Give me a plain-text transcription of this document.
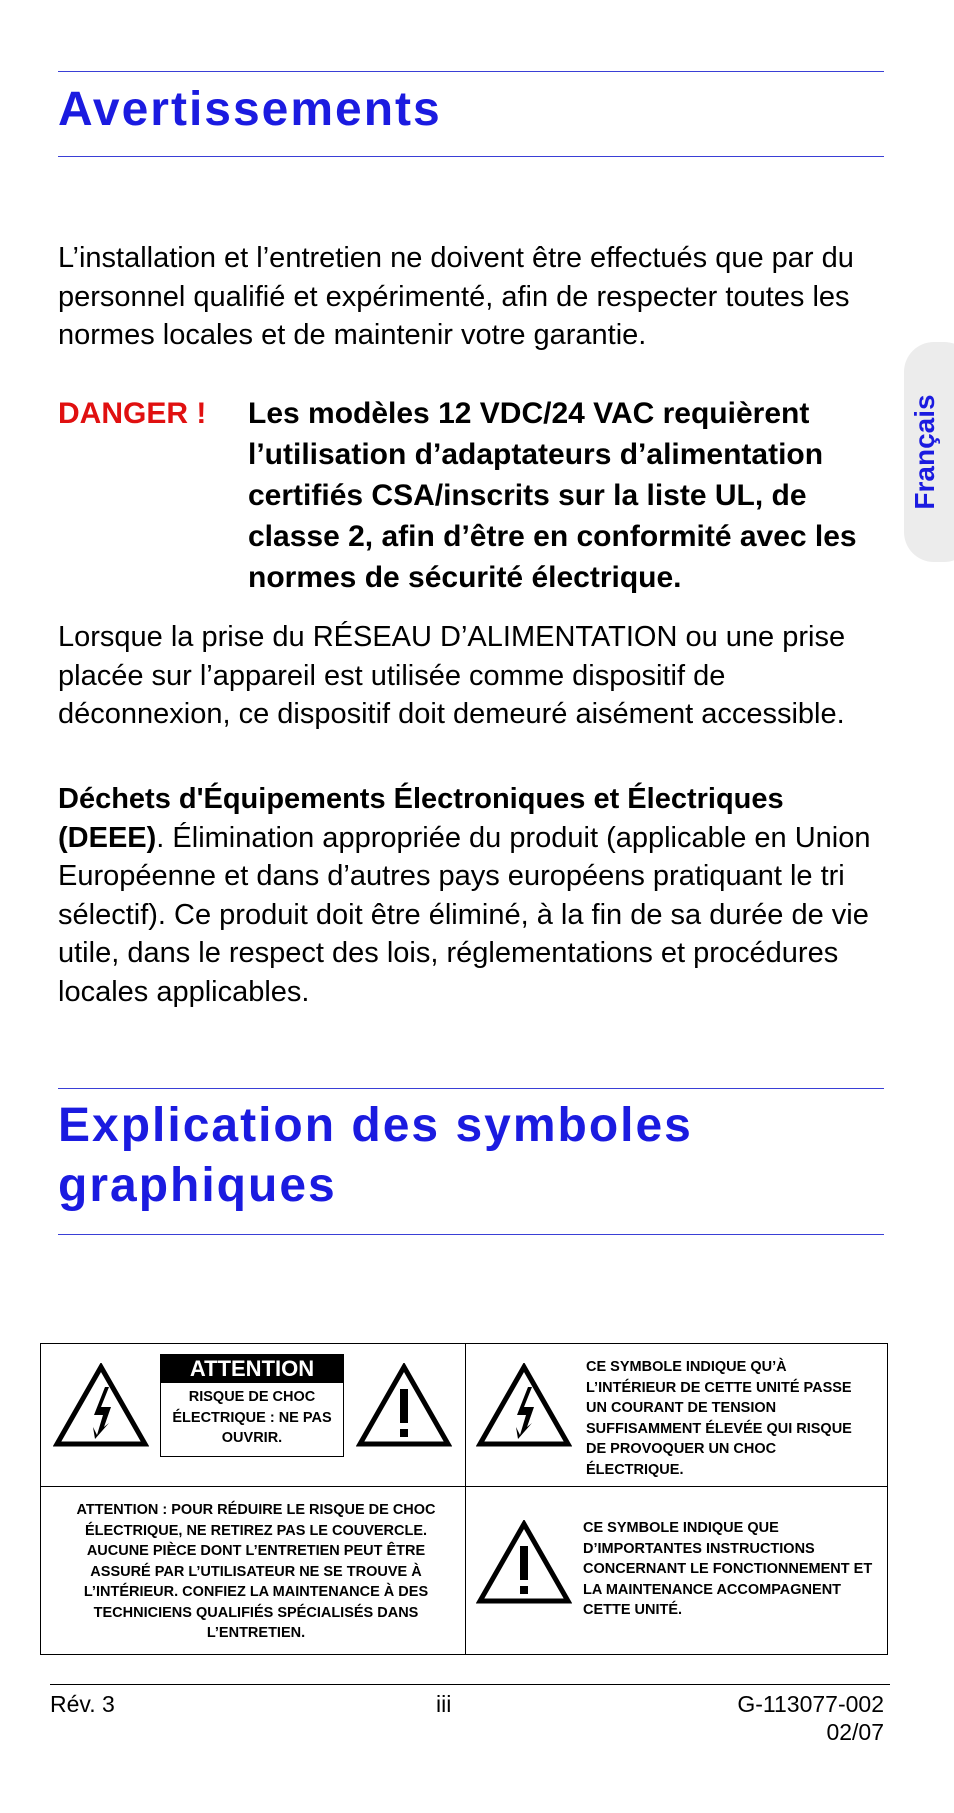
Avertissements

L’installation et l’entretien ne doivent être effectués que par du personnel qualifié et expérimenté, afin de respecter toutes les normes locales et de maintenir votre garantie.

DANGER ! Les modèles 12 VDC/24 VAC requièrent l’utilisation d’adaptateurs d’alimentation certifiés CSA/inscrits sur la liste UL, de classe 2, afin d’être en conformité avec les normes de sécurité électrique.

Lorsque la prise du RÉSEAU D’ALIMENTATION ou une prise placée sur l’appareil est utilisée comme dispositif de déconnexion, ce dispositif doit demeuré aisément accessible.

Déchets d'Équipements Électroniques et Électriques (DEEE). Élimination appropriée du produit (applicable en Union Européenne et dans d’autres pays européens pratiquant le tri sélectif). Ce produit doit être éliminé, à la fin de sa durée de vie utile, dans le respect des lois, réglementations et procédures locales applicables.

Français
Explication des symboles graphiques
ATTENTION

RISQUE DE CHOC ÉLECTRIQUE : NE PAS OUVRIR.

CE SYMBOLE INDIQUE QU’À L’INTÉRIEUR DE CETTE UNITÉ PASSE UN COURANT DE TENSION SUFFISAMMENT ÉLEVÉE QUI RISQUE DE PROVOQUER UN CHOC ÉLECTRIQUE.

ATTENTION : POUR RÉDUIRE LE RISQUE DE CHOC ÉLECTRIQUE, NE RETIREZ PAS LE COUVERCLE. AUCUNE PIÈCE DONT L’ENTRETIEN PEUT ÊTRE ASSURÉ PAR L’UTILISATEUR NE SE TROUVE À L’INTÉRIEUR. CONFIEZ LA MAINTENANCE À DES TECHNICIENS QUALIFIÉS SPÉCIALISÉS DANS L’ENTRETIEN.

CE SYMBOLE INDIQUE QUE D’IMPORTANTES INSTRUCTIONS CONCERNANT LE FONCTIONNEMENT ET LA MAINTENANCE ACCOMPAGNENT CETTE UNITÉ.

Rév. 3	iii	G-113077-002
02/07
